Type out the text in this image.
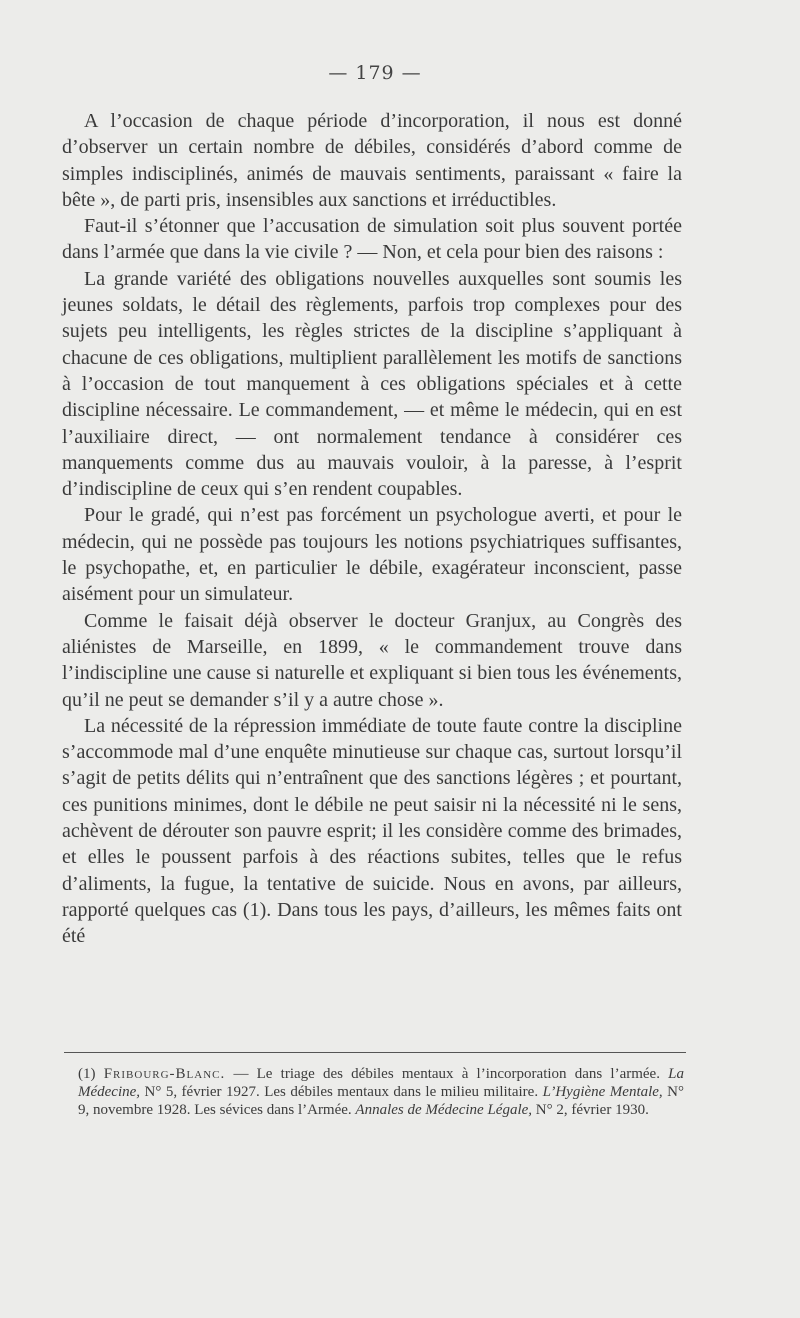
— 179 —

A l’occasion de chaque période d’incorporation, il nous est donné d’observer un certain nombre de débiles, considérés d’abord comme de simples indisciplinés, animés de mauvais sentiments, paraissant « faire la bête », de parti pris, insensibles aux sanctions et irréductibles.

Faut-il s’étonner que l’accusation de simulation soit plus souvent portée dans l’armée que dans la vie civile ? — Non, et cela pour bien des raisons :

La grande variété des obligations nouvelles auxquelles sont soumis les jeunes soldats, le détail des règlements, parfois trop complexes pour des sujets peu intelligents, les règles strictes de la discipline s’appliquant à chacune de ces obligations, multiplient parallèlement les motifs de sanctions à l’occasion de tout manquement à ces obligations spéciales et à cette discipline nécessaire. Le commandement, — et même le médecin, qui en est l’auxiliaire direct, — ont normalement tendance à considérer ces manquements comme dus au mauvais vouloir, à la paresse, à l’esprit d’indiscipline de ceux qui s’en rendent coupables.

Pour le gradé, qui n’est pas forcément un psychologue averti, et pour le médecin, qui ne possède pas toujours les notions psychiatriques suffisantes, le psychopathe, et, en particulier le débile, exagérateur inconscient, passe aisément pour un simulateur.

Comme le faisait déjà observer le docteur Granjux, au Congrès des aliénistes de Marseille, en 1899, « le commandement trouve dans l’indiscipline une cause si naturelle et expliquant si bien tous les événements, qu’il ne peut se demander s’il y a autre chose ».

La nécessité de la répression immédiate de toute faute contre la discipline s’accommode mal d’une enquête minutieuse sur chaque cas, surtout lorsqu’il s’agit de petits délits qui n’entraînent que des sanctions légères ; et pourtant, ces punitions minimes, dont le débile ne peut saisir ni la nécessité ni le sens, achèvent de dérouter son pauvre esprit; il les considère comme des brimades, et elles le poussent parfois à des réactions subites, telles que le refus d’aliments, la fugue, la tentative de suicide. Nous en avons, par ailleurs, rapporté quelques cas (1). Dans tous les pays, d’ailleurs, les mêmes faits ont été

(1) Fribourg-Blanc. — Le triage des débiles mentaux à l’incorporation dans l’armée. La Médecine, N° 5, février 1927. Les débiles mentaux dans le milieu militaire. L’Hygiène Mentale, N° 9, novembre 1928. Les sévices dans l’Armée. Annales de Médecine Légale, N° 2, février 1930.
